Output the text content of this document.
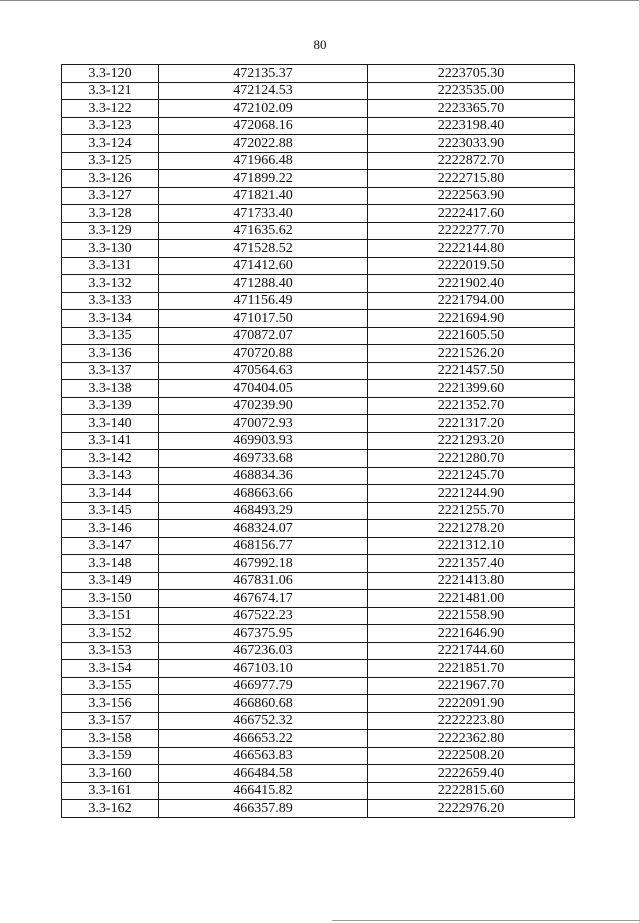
80
3.3-120	472135.37	2223705.30
3.3-121	472124.53	2223535.00
3.3-122	472102.09	2223365.70
3.3-123	472068.16	2223198.40
3.3-124	472022.88	2223033.90
3.3-125	471966.48	2222872.70
3.3-126	471899.22	2222715.80
3.3-127	471821.40	2222563.90
3.3-128	471733.40	2222417.60
3.3-129	471635.62	2222277.70
3.3-130	471528.52	2222144.80
3.3-131	471412.60	2222019.50
3.3-132	471288.40	2221902.40
3.3-133	471156.49	2221794.00
3.3-134	471017.50	2221694.90
3.3-135	470872.07	2221605.50
3.3-136	470720.88	2221526.20
3.3-137	470564.63	2221457.50
3.3-138	470404.05	2221399.60
3.3-139	470239.90	2221352.70
3.3-140	470072.93	2221317.20
3.3-141	469903.93	2221293.20
3.3-142	469733.68	2221280.70
3.3-143	468834.36	2221245.70
3.3-144	468663.66	2221244.90
3.3-145	468493.29	2221255.70
3.3-146	468324.07	2221278.20
3.3-147	468156.77	2221312.10
3.3-148	467992.18	2221357.40
3.3-149	467831.06	2221413.80
3.3-150	467674.17	2221481.00
3.3-151	467522.23	2221558.90
3.3-152	467375.95	2221646.90
3.3-153	467236.03	2221744.60
3.3-154	467103.10	2221851.70
3.3-155	466977.79	2221967.70
3.3-156	466860.68	2222091.90
3.3-157	466752.32	2222223.80
3.3-158	466653.22	2222362.80
3.3-159	466563.83	2222508.20
3.3-160	466484.58	2222659.40
3.3-161	466415.82	2222815.60
3.3-162	466357.89	2222976.20
